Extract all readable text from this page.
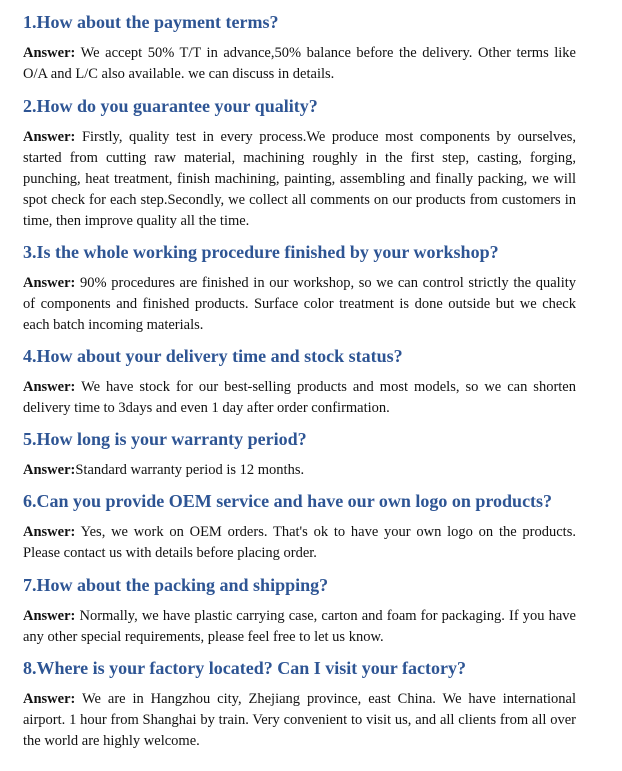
1.How about the payment terms?

Answer: We accept 50% T/T in advance,50% balance before the delivery. Other terms like O/A and L/C also available. we can discuss in details.

2.How do you guarantee your quality?

Answer: Firstly, quality test in every process.We produce most components by ourselves, started from cutting raw material, machining roughly in the first step, casting, forging, punching, heat treatment, finish machining, painting, assembling and finally packing, we will spot check for each step.Secondly, we collect all comments on our products from customers in time, then improve quality all the time.

3.Is the whole working procedure finished by your workshop?

Answer: 90% procedures are finished in our workshop, so we can control strictly the quality of components and finished products. Surface color treatment is done outside but we check each batch incoming materials.

4.How about your delivery time and stock status?

Answer: We have stock for our best-selling products and most models, so we can shorten delivery time to 3days and even 1 day after order confirmation.

5.How long is your warranty period?

Answer:Standard warranty period is 12 months.

6.Can you provide OEM service and have our own logo on products?

Answer: Yes, we work on OEM orders. That's ok to have your own logo on the products. Please contact us with details before placing order.

7.How about the packing and shipping?

Answer: Normally, we have plastic carrying case, carton and foam for packaging. If you have any other special requirements, please feel free to let us know.

8.Where is your factory located? Can I visit your factory?

Answer: We are in Hangzhou city, Zhejiang province, east China. We have international airport. 1 hour from Shanghai by train. Very convenient to visit us, and all clients from all over the world are highly welcome.
